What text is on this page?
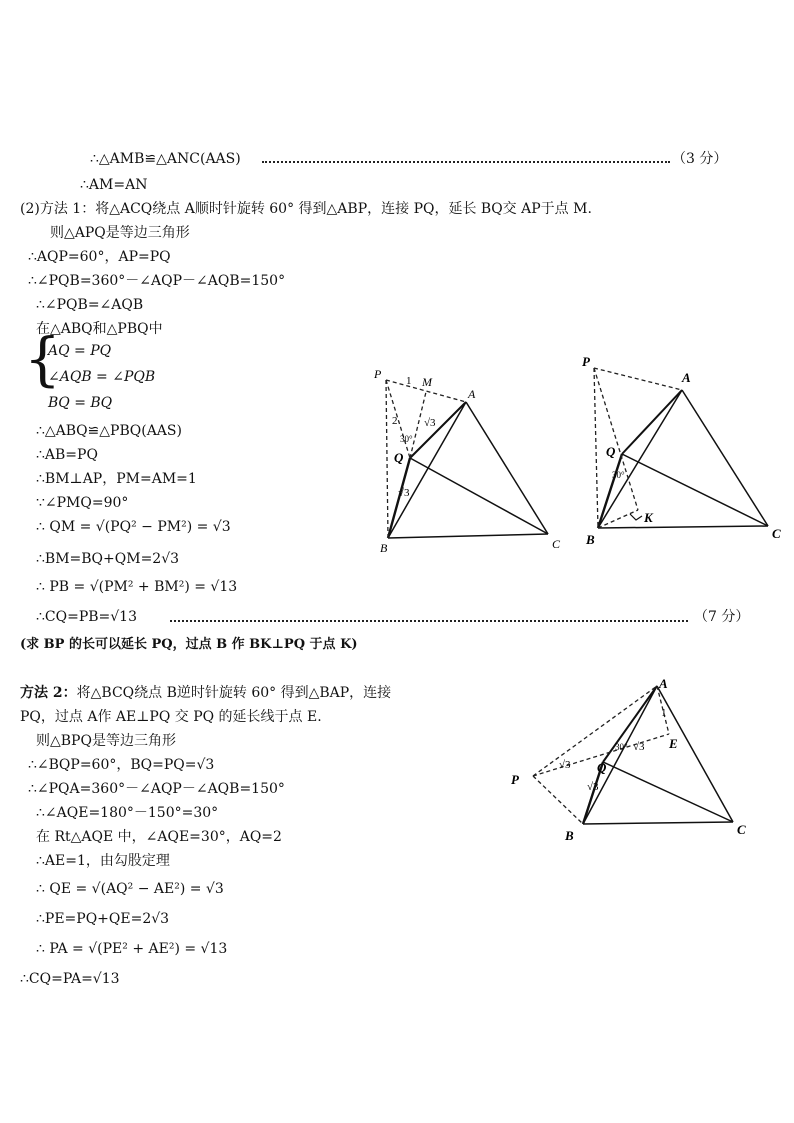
∴△AMB≌△ANC(AAS)	（3 分）
∴AM=AN
(2)方法 1：将△ACQ绕点 A顺时针旋转 60° 得到△ABP，连接 PQ，延长 BQ交 AP于点 M.
则△APQ是等边三角形
∴AQP=60°，AP=PQ
∴∠PQB=360°－∠AQP－∠AQB=150°
∴∠PQB=∠AQB
在△ABQ和△PBQ中
{
AQ = PQ
∠AQB = ∠PQB
BQ = BQ
∴△ABQ≌△PBQ(AAS)
∴AB=PQ
∴BM⊥AP，PM=AM=1
∵∠PMQ=90°
∴ QM = √(PQ² − PM²) = √3
∴BM=BQ+QM=2√3
∴ PB = √(PM² + BM²) = √13
∴CQ=PB=√13	（7 分）
(求 BP 的长可以延长 PQ，过点 B 作 BK⊥PQ 于点 K)
方法 2：将△BCQ绕点 B逆时针旋转 60° 得到△BAP，连接
PQ，过点 A作 AE⊥PQ 交 PQ 的延长线于点 E.
则△BPQ是等边三角形
∴∠BQP=60°，BQ=PQ=√3
∴∠PQA=360°－∠AQP－∠AQB=150°
∴∠AQE=180°－150°=30°
在 Rt△AQE 中，∠AQE=30°，AQ=2
∴AE=1，由勾股定理
∴ QE = √(AQ² − AE²) = √3
∴PE=PQ+QE=2√3
∴ PA = √(PE² + AE²) = √13
∴CQ=PA=√13
P
M
A
Q
B	C
1
2 √3
√3
30°
P
A
Q
B	C
K
30°
A
P
Q
E
B	C
1
√3
√3
√3
30°
